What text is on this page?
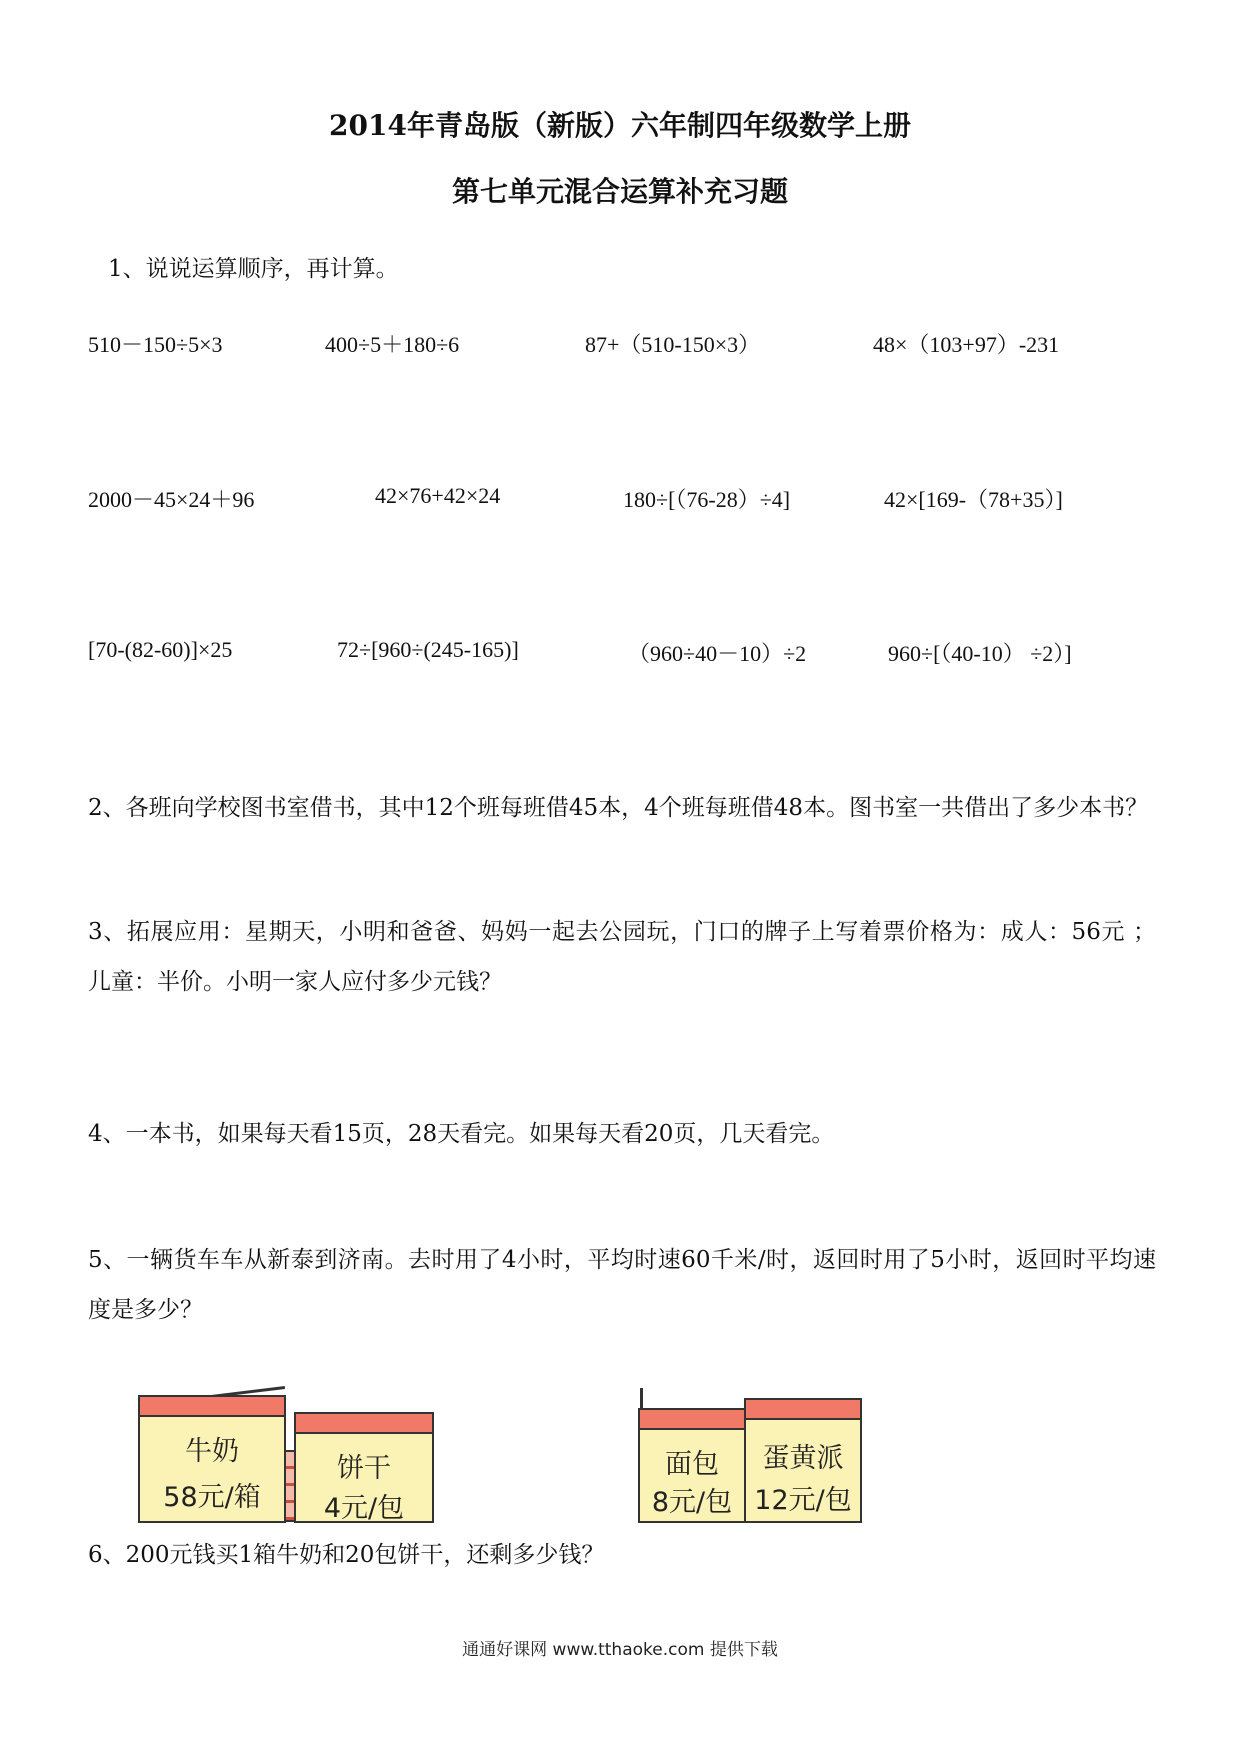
2014年青岛版（新版）六年制四年级数学上册
第七单元混合运算补充习题
1、说说运算顺序，再计算。
510－150÷5×3	400÷5＋180÷6	87+（510-150×3）	48×（103+97）-231
2000－45×24＋96	42×76+42×24	180÷[（76-28）÷4]	42×[169-（78+35）]
[70-(82-60)]×25	72÷[960÷(245-165)]	（960÷40－10）÷2	960÷[（40-10） ÷2）]
2、各班向学校图书室借书，其中12个班每班借45本，4个班每班借48本。图书室一共借出了多少本书？
3、拓展应用：星期天，小明和爸爸、妈妈一起去公园玩，门口的牌子上写着票价格为：成人：56元 ； 儿童：半价。小明一家人应付多少元钱？
4、一本书，如果每天看15页，28天看完。如果每天看20页，几天看完。
5、一辆货车车从新泰到济南。去时用了4小时，平均时速60千米/时，返回时用了5小时，返回时平均速度是多少？
牛奶
58元/箱
饼干
4元/包
面包
8元/包
蛋黄派
12元/包
6、200元钱买1箱牛奶和20包饼干，还剩多少钱？
通通好课网 www.tthaoke.com 提供下载
